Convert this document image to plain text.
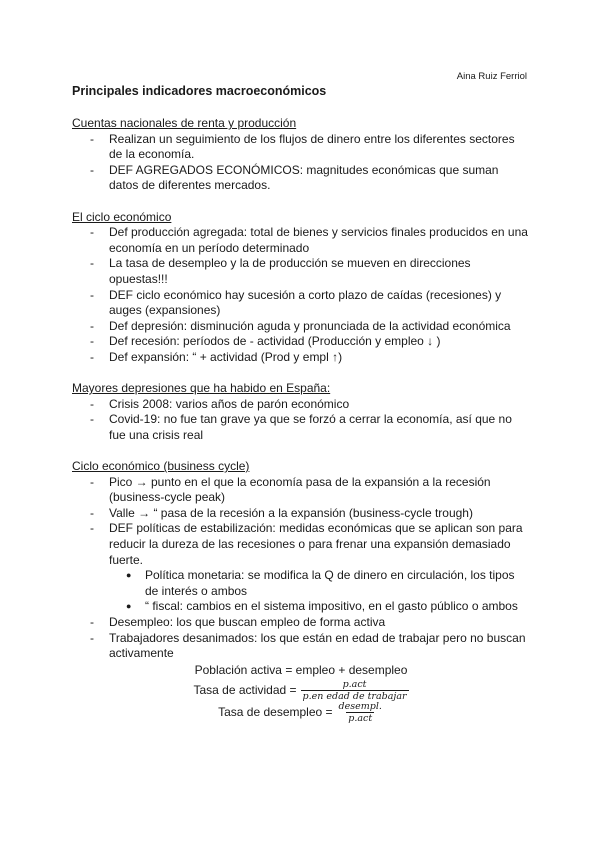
Aina Ruiz Ferriol
Principales indicadores macroeconómicos
Cuentas nacionales de renta y producción
- Realizan un seguimiento de los flujos de dinero entre los diferentes sectores de la economía.
- DEF AGREGADOS ECONÓMICOS: magnitudes económicas que suman datos de diferentes mercados.
El ciclo económico
- Def producción agregada: total de bienes y servicios finales producidos en una economía en un período determinado
- La tasa de desempleo y la de producción se mueven en direcciones opuestas!!!
- DEF ciclo económico hay sucesión a corto plazo de caídas (recesiones) y auges (expansiones)
- Def depresión: disminución aguda y pronunciada de la actividad económica
- Def recesión: períodos de - actividad (Producción y empleo ↓ )
- Def expansión: “ + actividad (Prod y empl ↑)
Mayores depresiones que ha habido en España:
- Crisis 2008: varios años de parón económico
- Covid-19: no fue tan grave ya que se forzó a cerrar la economía, así que no fue una crisis real
Ciclo económico (business cycle)
- Pico → punto en el que la economía pasa de la expansión a la recesión (business-cycle peak)
- Valle → “ pasa de la recesión a la expansión (business-cycle trough)
- DEF políticas de estabilización: medidas económicas que se aplican son para reducir la dureza de las recesiones o para frenar una expansión demasiado fuerte.
● Política monetaria: se modifica la Q de dinero en circulación, los tipos de interés o ambos
● “ fiscal: cambios en el sistema impositivo, en el gasto público o ambos
- Desempleo: los que buscan empleo de forma activa
- Trabajadores desanimados: los que están en edad de trabajar pero no buscan activamente
Población activa = empleo + desempleo
Tasa de actividad = $\frac{\text{p.act}}{\text{p.en edad de trabajar}}$
Tasa de desempleo = $\frac{\text{desempl.}}{\text{p.act}}$
